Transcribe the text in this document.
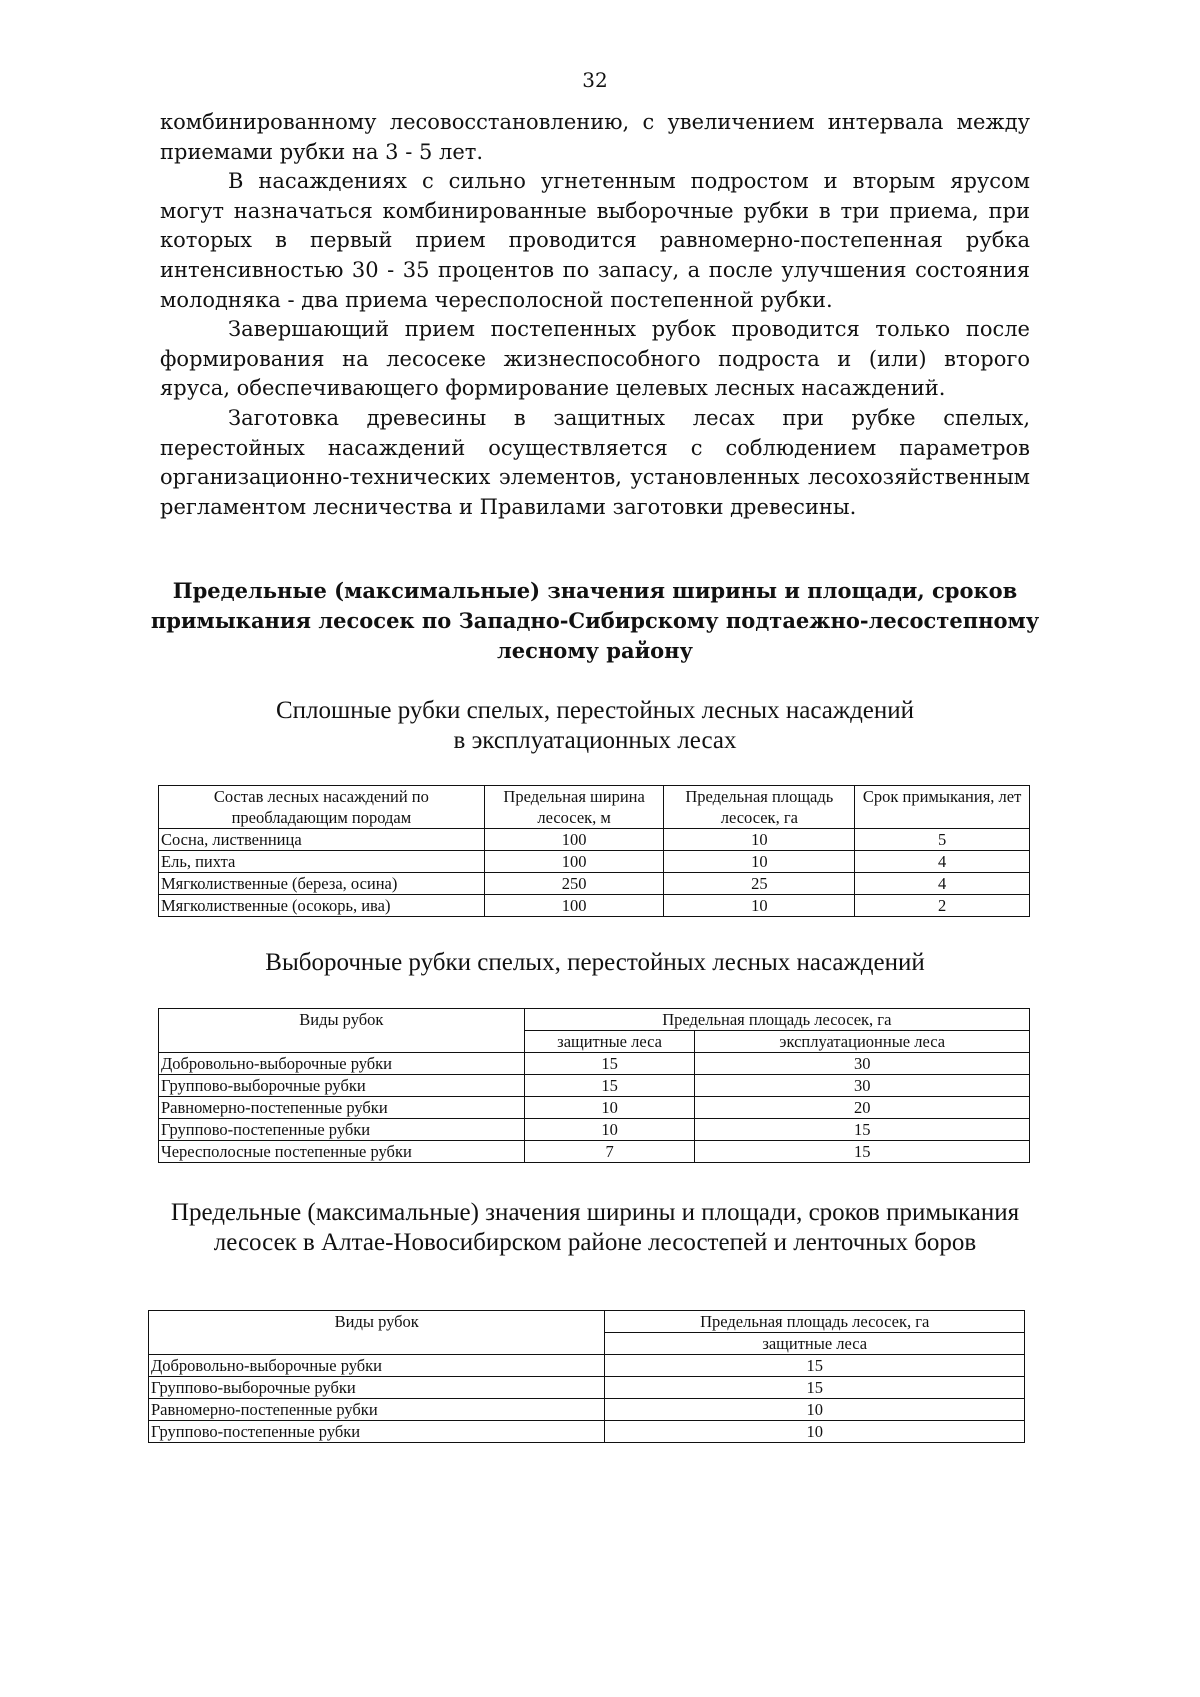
32

комбинированному лесовосстановлению, с увеличением интервала между приемами рубки на 3 - 5 лет.

В насаждениях с сильно угнетенным подростом и вторым ярусом могут назначаться комбинированные выборочные рубки в три приема, при которых в первый прием проводится равномерно-постепенная рубка интенсивностью 30 - 35 процентов по запасу, а после улучшения состояния молодняка - два приема чересполосной постепенной рубки.

Завершающий прием постепенных рубок проводится только после формирования на лесосеке жизнеспособного подроста и (или) второго яруса, обеспечивающего формирование целевых лесных насаждений.

Заготовка древесины в защитных лесах при рубке спелых, перестойных насаждений осуществляется с соблюдением параметров организационно-технических элементов, установленных лесохозяйственным регламентом лесничества и Правилами заготовки древесины.

Предельные (максимальные) значения ширины и площади, сроков примыкания лесосек по Западно-Сибирскому подтаежно-лесостепному лесному району
Сплошные рубки спелых, перестойных лесных насаждений
в эксплуатационных лесах
Состав лесных насаждений по преобладающим породам	Предельная ширина лесосек, м	Предельная площадь лесосек, га	Срок примыкания, лет
Сосна, лиственница	100	10	5
Ель, пихта	100	10	4
Мягколиственные (береза, осина)	250	25	4
Мягколиственные (осокорь, ива)	100	10	2
Выборочные рубки спелых, перестойных лесных насаждений
Виды рубок	Предельная площадь лесосек, га	
	защитные леса	эксплуатационные леса
Добровольно-выборочные рубки	15	30
Группово-выборочные рубки	15	30
Равномерно-постепенные рубки	10	20
Группово-постепенные рубки	10	15
Чересполосные постепенные рубки	7	15
Предельные (максимальные) значения ширины и площади, сроков примыкания лесосек в Алтае-Новосибирском районе лесостепей и ленточных боров
Виды рубок	Предельная площадь лесосек, га
	защитные леса
Добровольно-выборочные рубки	15
Группово-выборочные рубки	15
Равномерно-постепенные рубки	10
Группово-постепенные рубки	10
